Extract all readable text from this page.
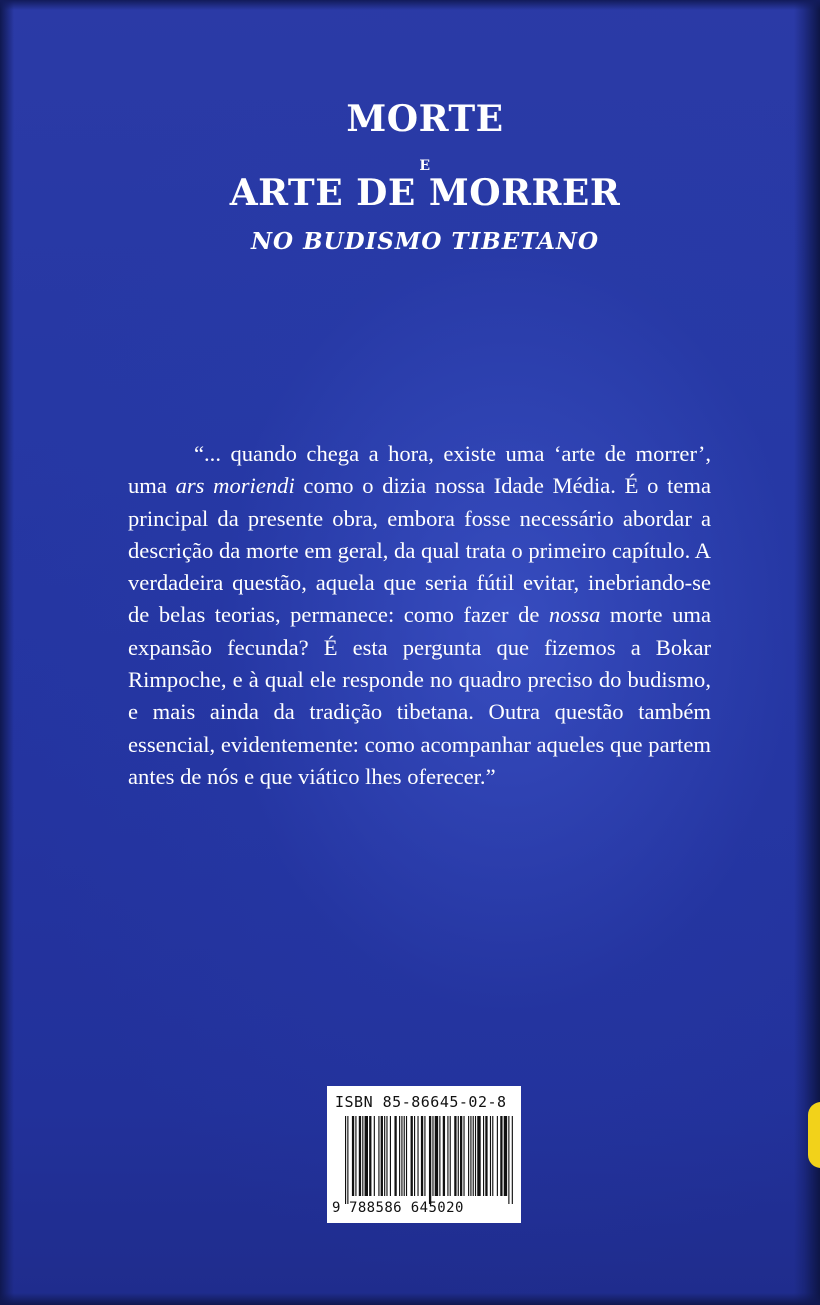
MORTE
E
ARTE DE MORRER
NO BUDISMO TIBETANO

“... quando chega a hora, existe uma ‘arte de morrer’, uma ars moriendi como o dizia nossa Idade Média. É o tema principal da presente obra, embora fosse necessário abordar a descrição da morte em geral, da qual trata o primeiro capítulo. A verdadeira questão, aquela que seria fútil evitar, inebriando-se de belas teorias, permanece: como fazer de nossa morte uma expansão fecunda? É esta pergunta que fizemos a Bokar Rimpoche, e à qual ele responde no quadro preciso do budismo, e mais ainda da tradição tibetana. Outra questão também essencial, evidentemente: como acompanhar aqueles que partem antes de nós e que viático lhes oferecer.”

ISBN 85-86645-02-8
9 788586 645020
